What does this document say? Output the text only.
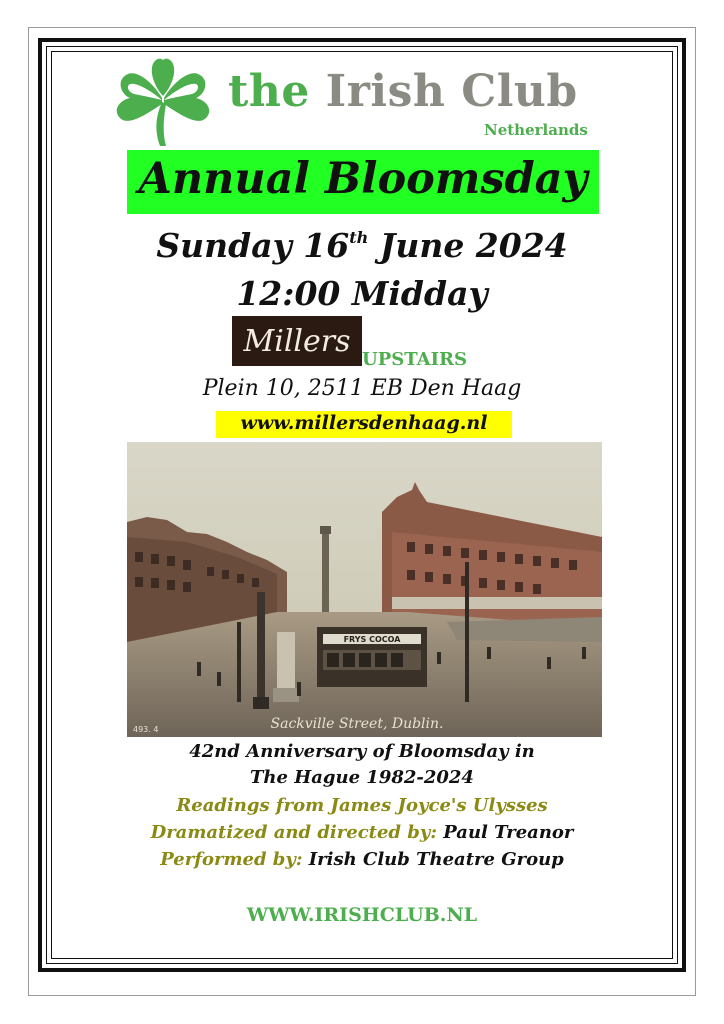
the Irish Club
Netherlands
Annual Bloomsday
Sunday 16th June 2024
12:00 Midday
Millers
UPSTAIRS
Plein 10, 2511 EB Den Haag
www.millersdenhaag.nl
FRYS COCOA
Sackville Street, Dublin.
493. 4
42nd Anniversary of Bloomsday in
The Hague 1982-2024
Readings from James Joyce's Ulysses
Dramatized and directed by: Paul Treanor
Performed by: Irish Club Theatre Group
WWW.IRISHCLUB.NL
